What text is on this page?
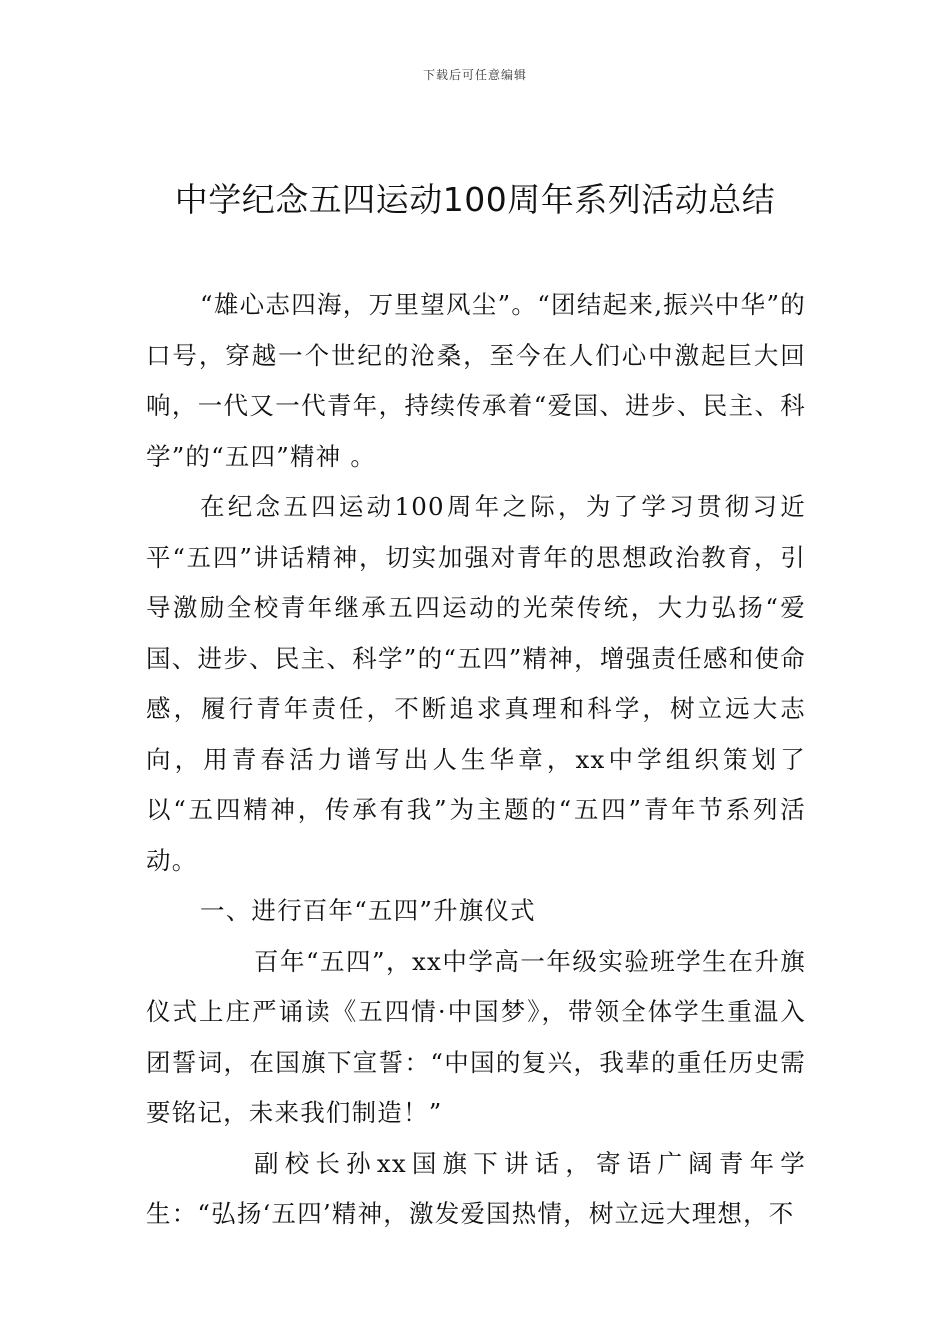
下载后可任意编辑
中学纪念五四运动100周年系列活动总结

“雄心志四海，万里望风尘”。“团结起来,振兴中华”的口号，穿越一个世纪的沧桑，至今在人们心中激起巨大回响，一代又一代青年，持续传承着“爱国、进步、民主、科学”的“五四”精神 。

在纪念五四运动100周年之际，为了学习贯彻习近平“五四”讲话精神，切实加强对青年的思想政治教育，引导激励全校青年继承五四运动的光荣传统，大力弘扬“爱国、进步、民主、科学”的“五四”精神，增强责任感和使命感，履行青年责任，不断追求真理和科学，树立远大志向，用青春活力谱写出人生华章，xx中学组织策划了以“五四精神，传承有我”为主题的“五四”青年节系列活动。

一、进行百年“五四”升旗仪式

百年“五四”，xx中学高一年级实验班学生在升旗仪式上庄严诵读《五四情·中国梦》，带领全体学生重温入团誓词，在国旗下宣誓：“中国的复兴，我辈的重任历史需要铭记，未来我们制造！”

副校长孙xx国旗下讲话，寄语广阔青年学生：“弘扬‘五四’精神，激发爱国热情，树立远大理想，不
